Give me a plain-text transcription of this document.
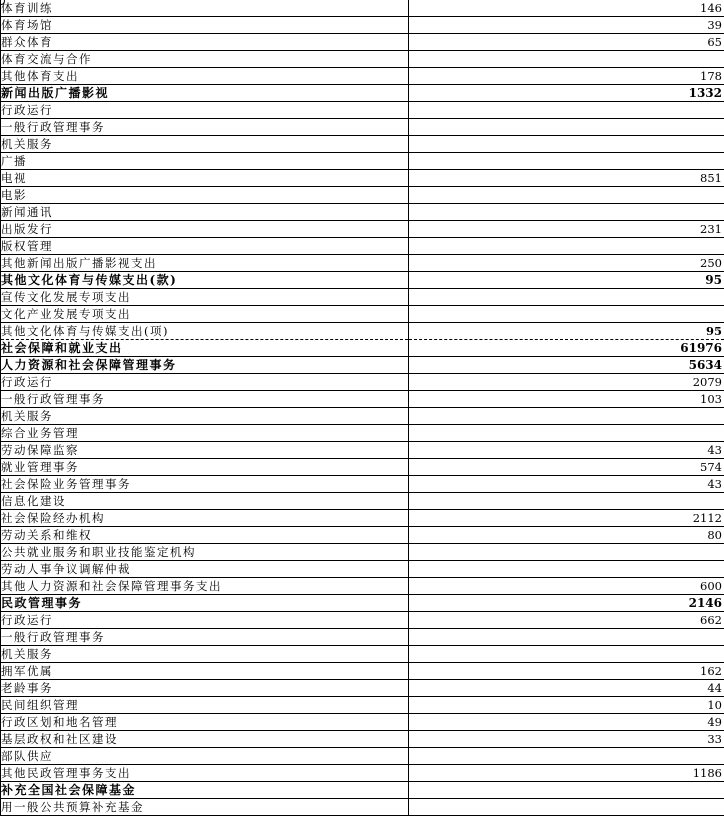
体育训练	146
体育场馆	39
群众体育	65
体育交流与合作	
其他体育支出	178
新闻出版广播影视	1332
行政运行	
一般行政管理事务	
机关服务	
广播	
电视	851
电影	
新闻通讯	
出版发行	231
版权管理	
其他新闻出版广播影视支出	250
其他文化体育与传媒支出(款)	95
宣传文化发展专项支出	
文化产业发展专项支出	
其他文化体育与传媒支出(项)	95
社会保障和就业支出	61976
人力资源和社会保障管理事务	5634
行政运行	2079
一般行政管理事务	103
机关服务	
综合业务管理	
劳动保障监察	43
就业管理事务	574
社会保险业务管理事务	43
信息化建设	
社会保险经办机构	2112
劳动关系和维权	80
公共就业服务和职业技能鉴定机构	
劳动人事争议调解仲裁	
其他人力资源和社会保障管理事务支出	600
民政管理事务	2146
行政运行	662
一般行政管理事务	
机关服务	
拥军优属	162
老龄事务	44
民间组织管理	10
行政区划和地名管理	49
基层政权和社区建设	33
部队供应	
其他民政管理事务支出	1186
补充全国社会保障基金	
用一般公共预算补充基金	
